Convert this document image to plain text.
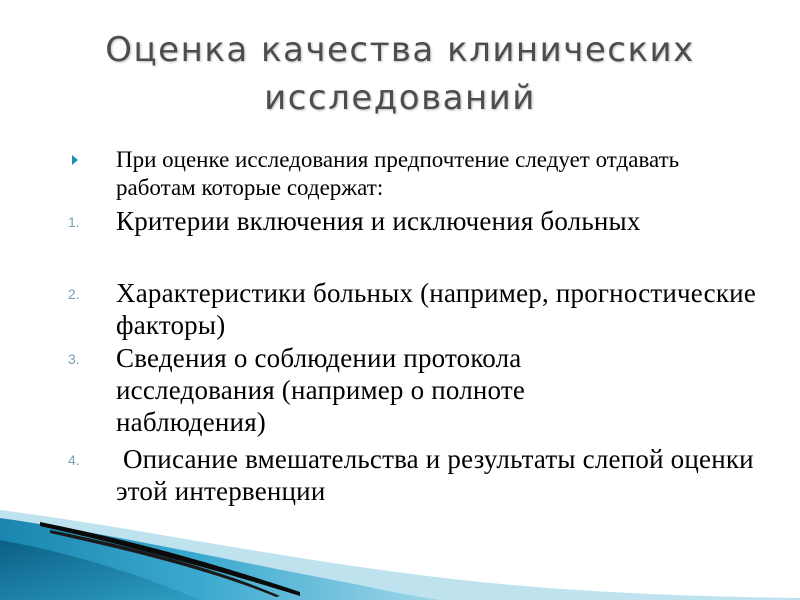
Оценка качества клинических исследований
При оценке исследования предпочтение следует отдавать работам которые содержат:
1. Критерии включения и исключения больных
2. Характеристики больных (например, прогностические факторы)
3. Сведения о соблюдении протокола исследования (например о полноте наблюдения)
4. Описание вмешательства и результаты слепой оценки этой интервенции
